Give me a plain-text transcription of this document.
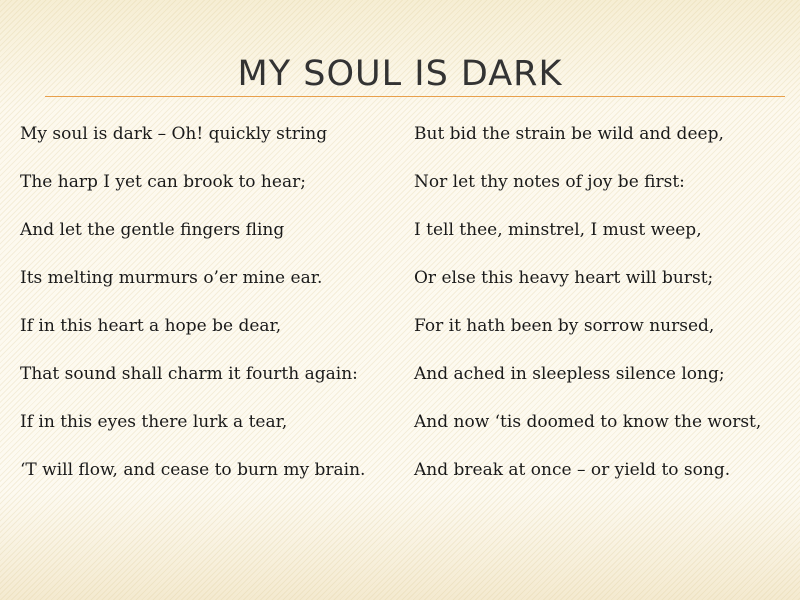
MY SOUL IS DARK
My soul is dark – Oh! quickly string
The harp I yet can brook to hear;
And let the gentle fingers fling
Its melting murmurs o’er mine ear.
If in this heart a hope be dear,
That sound shall charm it fourth again:
If in this eyes there lurk a tear,
‘T will flow, and cease to burn my brain.
But bid the strain be wild and deep,
Nor let thy notes of joy be first:
I tell thee, minstrel, I must weep,
Or else this heavy heart will burst;
For it hath been by sorrow nursed,
And ached in sleepless silence long;
And now ‘tis doomed to know the worst,
And break at once – or yield to song.
